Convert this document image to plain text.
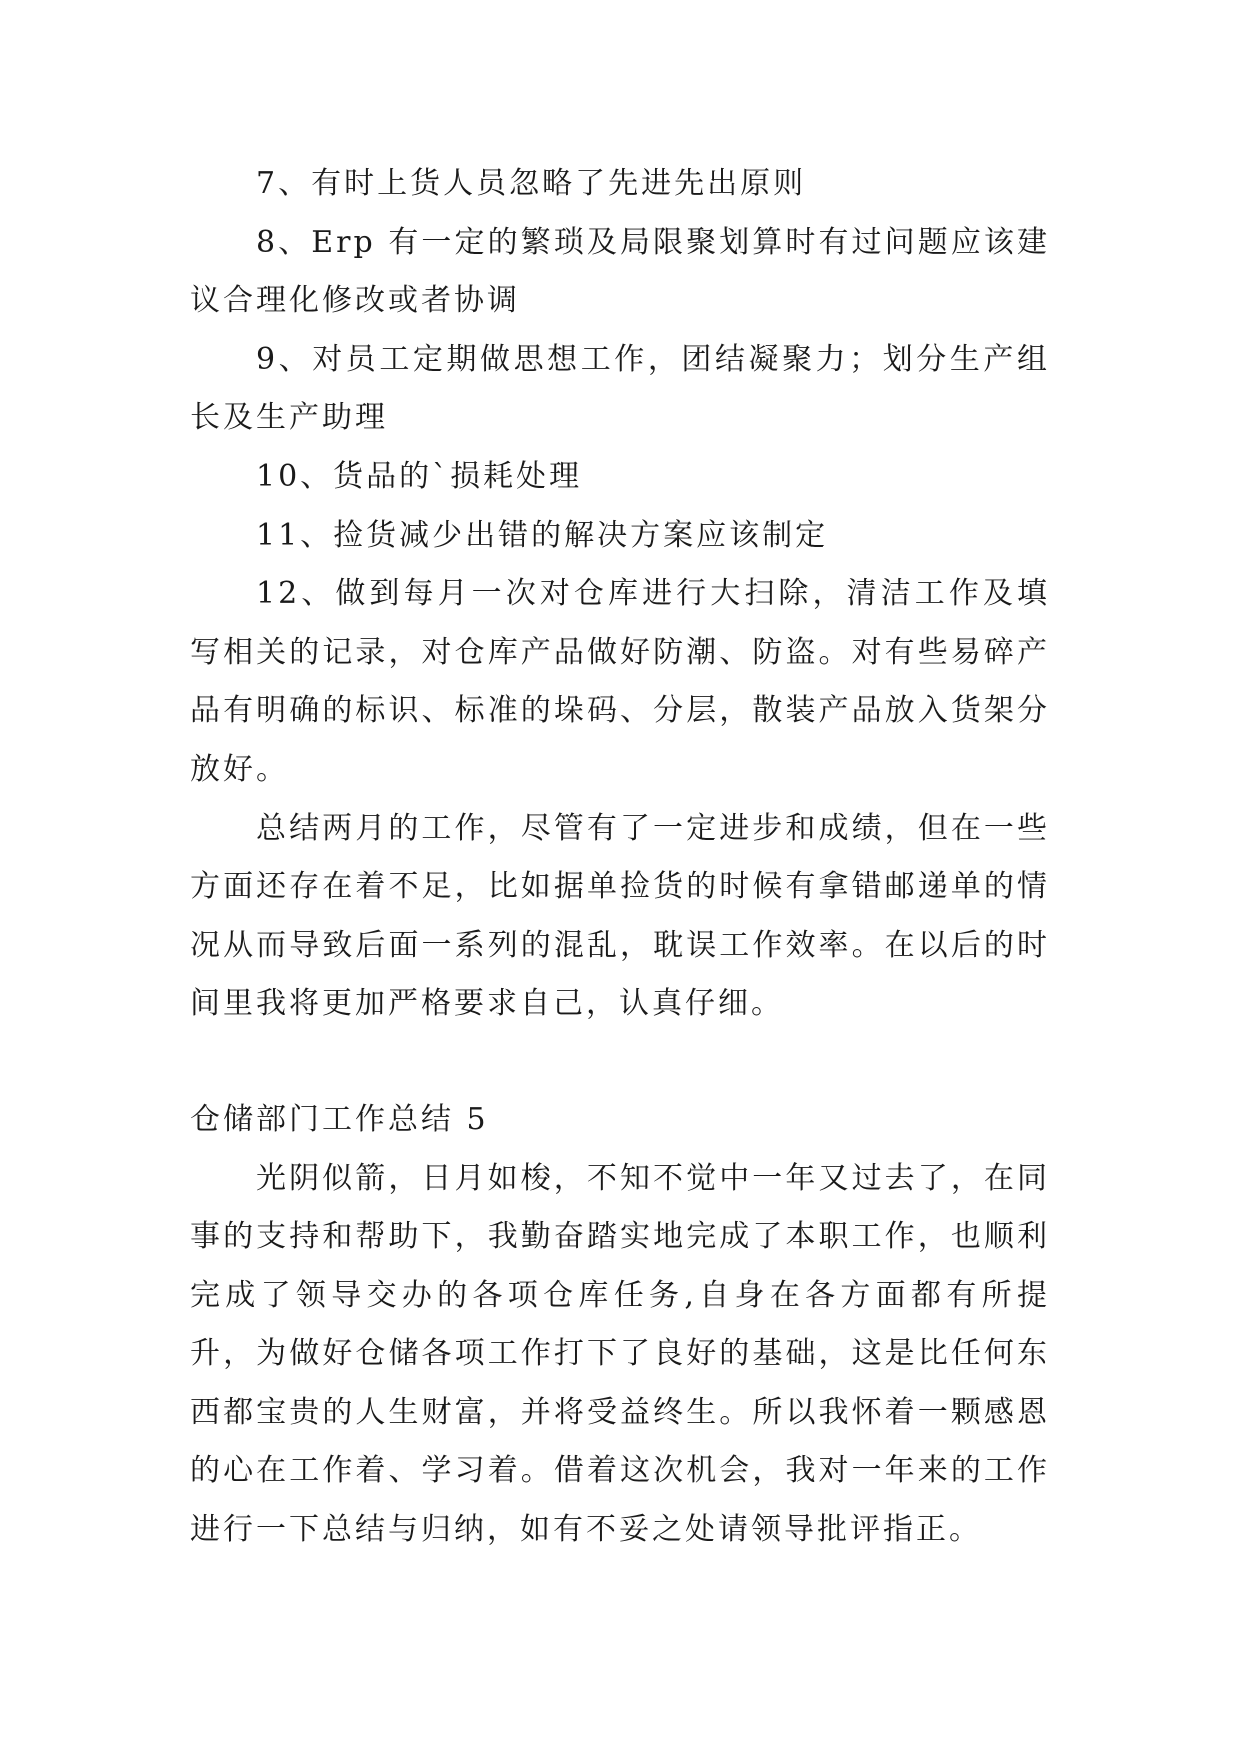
7、有时上货人员忽略了先进先出原则

8、Erp 有一定的繁琐及局限聚划算时有过问题应该建议合理化修改或者协调

9、对员工定期做思想工作，团结凝聚力；划分生产组长及生产助理

10、货品的`损耗处理

11、捡货减少出错的解决方案应该制定

12、做到每月一次对仓库进行大扫除，清洁工作及填写相关的记录，对仓库产品做好防潮、防盗。对有些易碎产品有明确的标识、标准的垛码、分层，散装产品放入货架分放好。

总结两月的工作，尽管有了一定进步和成绩，但在一些方面还存在着不足，比如据单捡货的时候有拿错邮递单的情况从而导致后面一系列的混乱，耽误工作效率。在以后的时间里我将更加严格要求自己，认真仔细。

仓储部门工作总结 5

光阴似箭，日月如梭，不知不觉中一年又过去了，在同事的支持和帮助下，我勤奋踏实地完成了本职工作，也顺利完成了领导交办的各项仓库任务,自身在各方面都有所提升，为做好仓储各项工作打下了良好的基础，这是比任何东西都宝贵的人生财富，并将受益终生。所以我怀着一颗感恩的心在工作着、学习着。借着这次机会，我对一年来的工作进行一下总结与归纳，如有不妥之处请领导批评指正。
